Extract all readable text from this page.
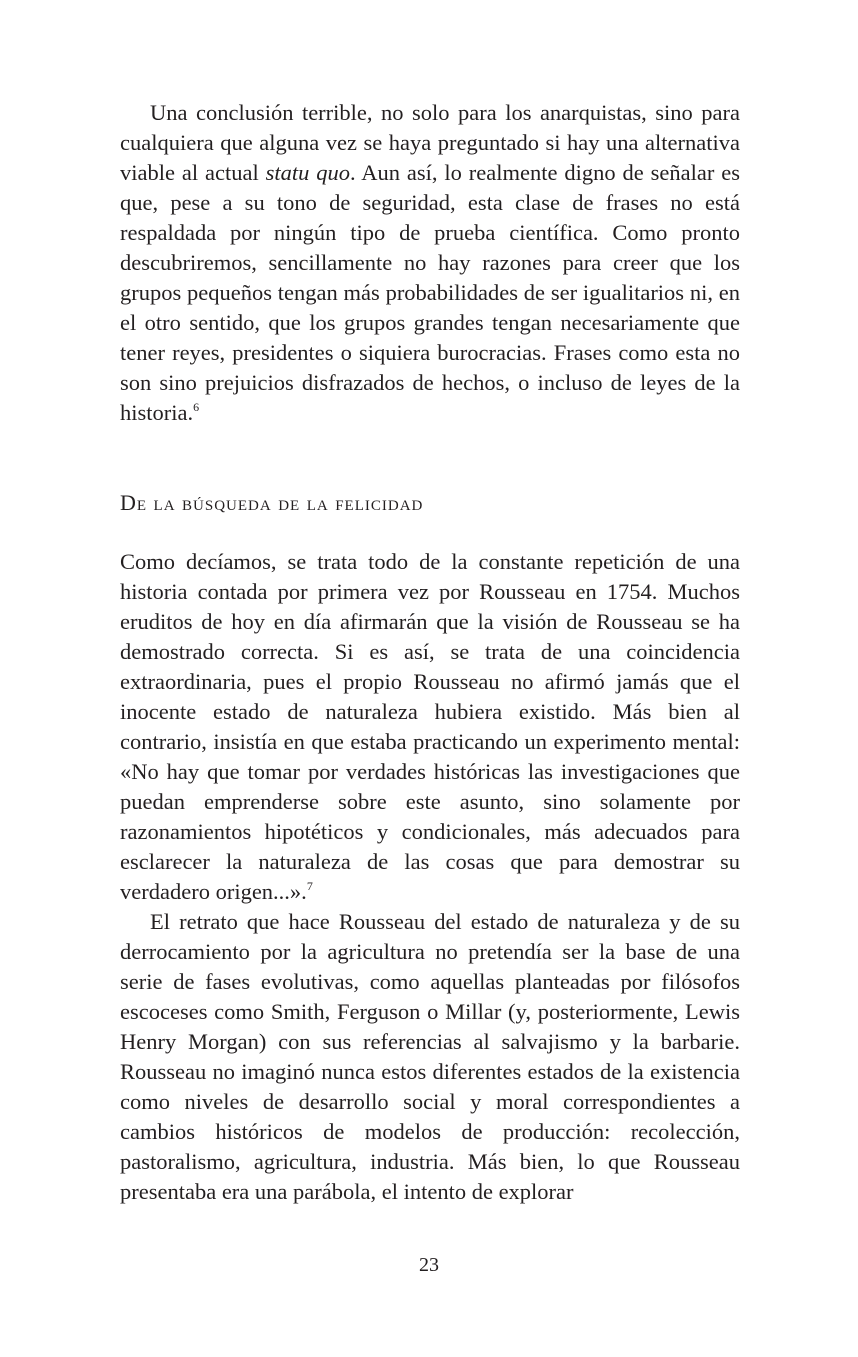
Una conclusión terrible, no solo para los anarquistas, sino para cualquiera que alguna vez se haya preguntado si hay una alternativa viable al actual statu quo. Aun así, lo realmente digno de señalar es que, pese a su tono de seguridad, esta clase de frases no está respaldada por ningún tipo de prueba científica. Como pronto descubriremos, sencillamente no hay razones para creer que los grupos pequeños tengan más probabilidades de ser igualitarios ni, en el otro sentido, que los grupos grandes tengan necesariamente que tener reyes, presidentes o siquiera burocracias. Frases como esta no son sino prejuicios disfrazados de hechos, o incluso de leyes de la historia.$^6$

De la búsqueda de la felicidad

Como decíamos, se trata todo de la constante repetición de una historia contada por primera vez por Rousseau en 1754. Muchos eruditos de hoy en día afirmarán que la visión de Rousseau se ha demostrado correcta. Si es así, se trata de una coincidencia extraordinaria, pues el propio Rousseau no afirmó jamás que el inocente estado de naturaleza hubiera existido. Más bien al contrario, insistía en que estaba practicando un experimento mental: «No hay que tomar por verdades históricas las investigaciones que puedan emprenderse sobre este asunto, sino solamente por razonamientos hipotéticos y condicionales, más adecuados para esclarecer la naturaleza de las cosas que para demostrar su verdadero origen...».$^7$

El retrato que hace Rousseau del estado de naturaleza y de su derrocamiento por la agricultura no pretendía ser la base de una serie de fases evolutivas, como aquellas planteadas por filósofos escoceses como Smith, Ferguson o Millar (y, posteriormente, Lewis Henry Morgan) con sus referencias al salvajismo y la barbarie. Rousseau no imaginó nunca estos diferentes estados de la existencia como niveles de desarrollo social y moral correspondientes a cambios históricos de modelos de producción: recolección, pastoralismo, agricultura, industria. Más bien, lo que Rousseau presentaba era una parábola, el intento de explorar

23
